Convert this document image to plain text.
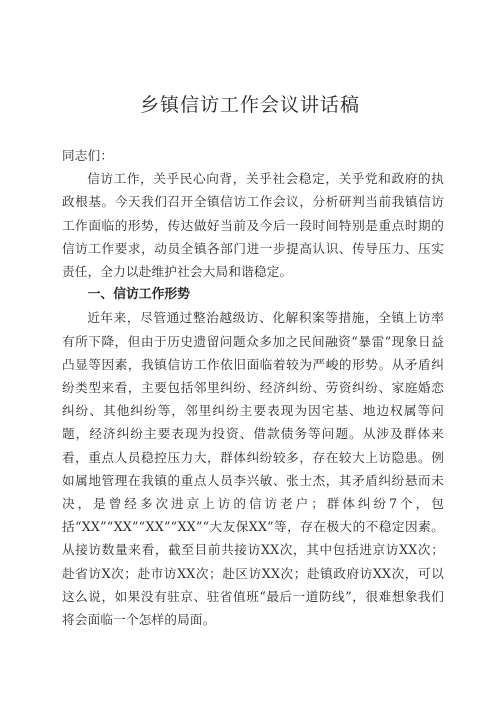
乡镇信访工作会议讲话稿

同志们：

信访工作，关乎民心向背，关乎社会稳定，关乎党和政府的执政根基。今天我们召开全镇信访工作会议，分析研判当前我镇信访工作面临的形势，传达做好当前及今后一段时间特别是重点时期的信访工作要求，动员全镇各部门进一步提高认识、传导压力、压实责任，全力以赴维护社会大局和谐稳定。

一、信访工作形势

近年来，尽管通过整治越级访、化解积案等措施，全镇上访率有所下降，但由于历史遗留问题众多加之民间融资“暴雷”现象日益凸显等因素，我镇信访工作依旧面临着较为严峻的形势。从矛盾纠纷类型来看，主要包括邻里纠纷、经济纠纷、劳资纠纷、家庭婚恋纠纷、其他纠纷等，邻里纠纷主要表现为因宅基、地边权属等问题，经济纠纷主要表现为投资、借款债务等问题。从涉及群体来看，重点人员稳控压力大，群体纠纷较多，存在较大上访隐患。例如属地管理在我镇的重点人员李兴敏、张士杰，其矛盾纠纷悬而未决，是曾经多次进京上访的信访老户；群体纠纷7个，包括“XX”“XX”“XX”“XX”“大友保XX”等，存在极大的不稳定因素。从接访数量来看，截至目前共接访XX次，其中包括进京访XX次；赴省访X次；赴市访XX次；赴区访XX次；赴镇政府访XX次，可以这么说，如果没有驻京、驻省值班“最后一道防线”，很难想象我们将会面临一个怎样的局面。
